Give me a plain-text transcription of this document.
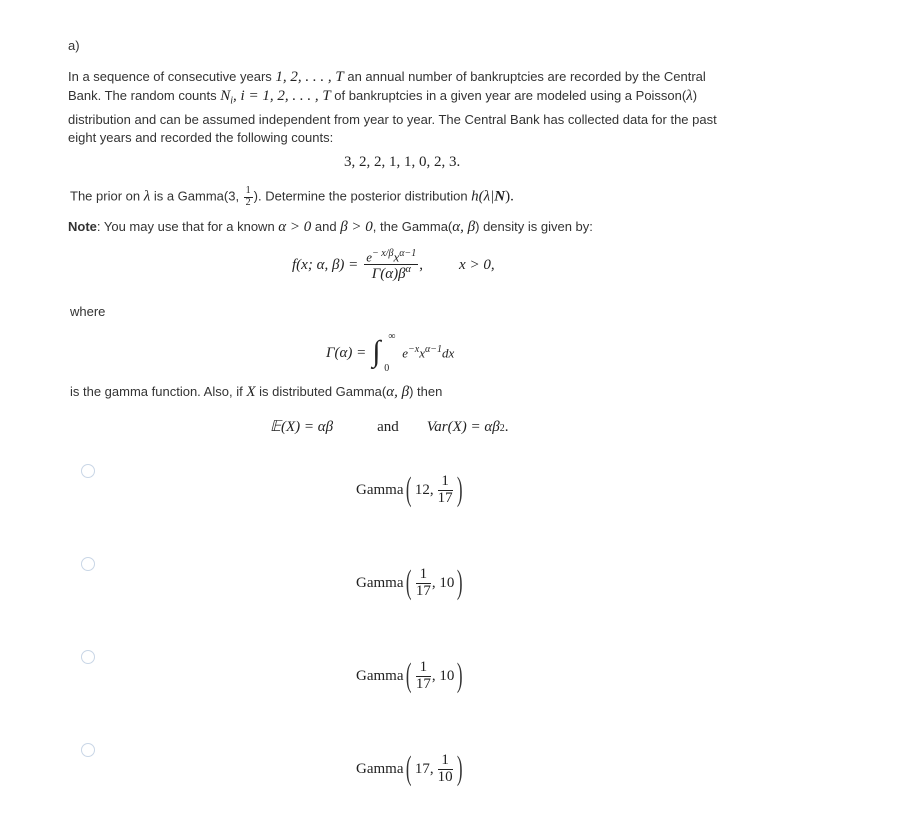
a)
In a sequence of consecutive years 1, 2, . . . , T an annual number of bankruptcies are recorded by the Central
Bank. The random counts $N_i$, i = 1, 2, . . . , T of bankruptcies in a given year are modeled using a Poisson(λ)
distribution and can be assumed independent from year to year. The Central Bank has collected data for the past
eight years and recorded the following counts:
3, 2, 2, 1, 1, 0, 2, 3.
The prior on λ is a Gamma(3, $\frac{1}{2}$ ). Determine the posterior distribution h(λ|N).
Note: You may use that for a known α > 0 and β > 0, the Gamma(α, β) density is given by:
f(x; α, $\beta) = \frac{e^{- x/\beta}x^{\alpha-1}}{\Gamma(\alpha)\beta^\alpha}$ , x > 0,
where
Γ(α) = ∫ ∞
0
$e^{-x}x^{\alpha-1}dx$
is the gamma function. Also, if X is distributed Gamma(α, β) then
𝔼(X) = αβ	and Var(X) = αβ 2 .
Gamma ( 12, $\frac{1}{17}$ )
Gamma ( $\frac{1}{17}$ , 10 )
Gamma ( $\frac{1}{17}$ , 10 )
Gamma ( 17, $\frac{1}{10}$ )
